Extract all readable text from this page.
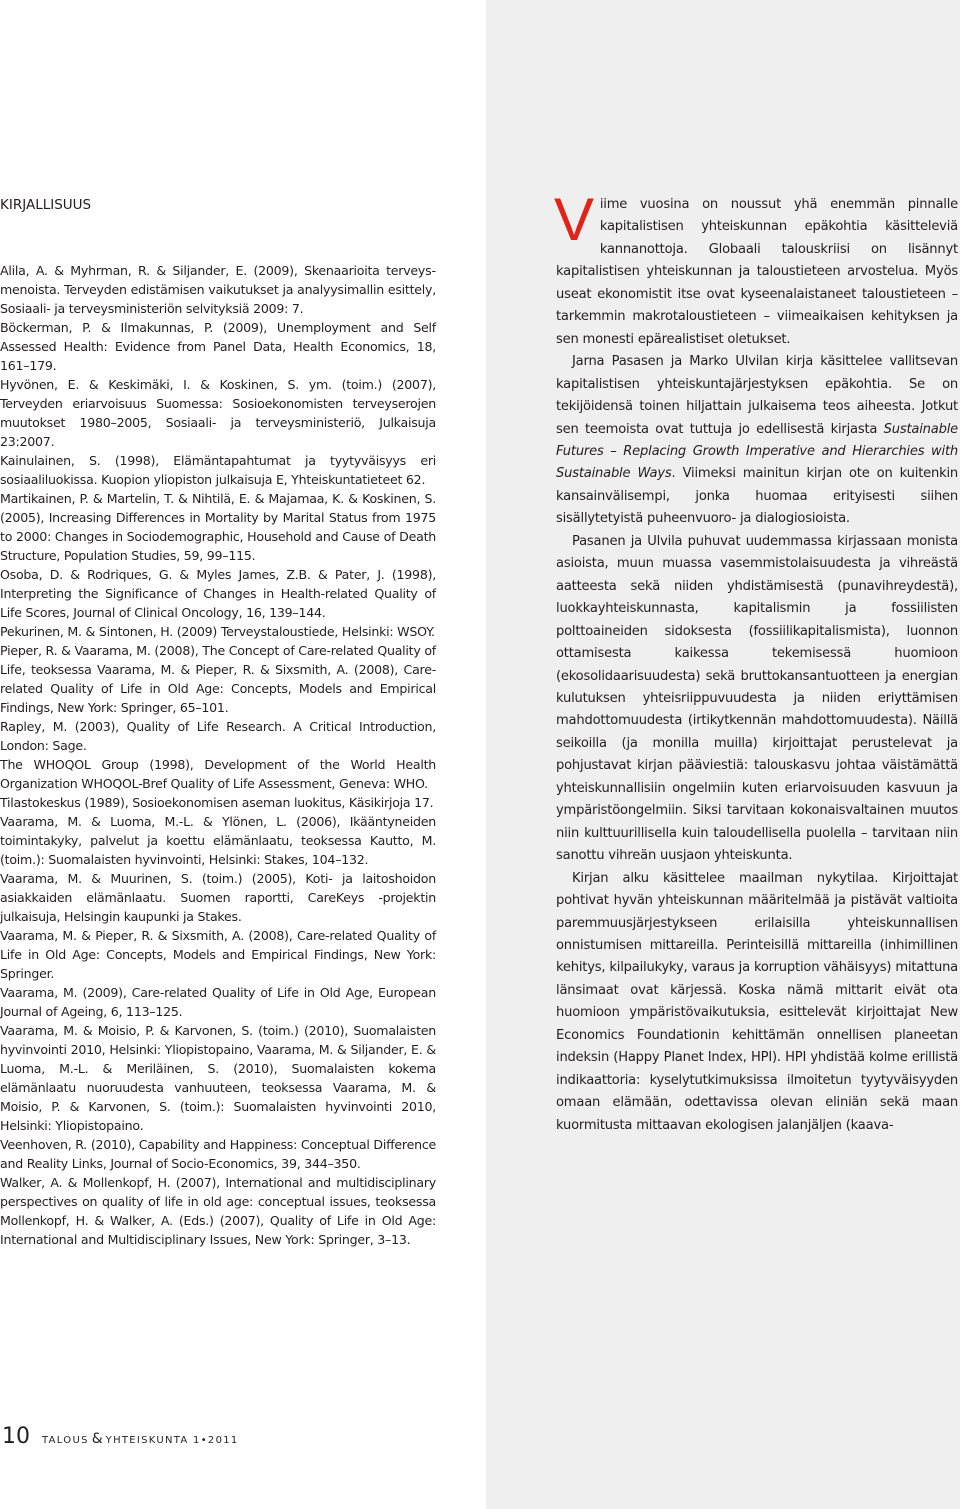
KIRJALLISUUS
Alila, A. & Myhrman, R. & Siljander, E. (2009), Skenaarioita terveysmenoista. Terveyden edistämisen vaikutukset ja analyysimallin esittely, Sosiaali- ja terveysministeriön selvityksiä 2009: 7.
Böckerman, P. & Ilmakunnas, P. (2009), Unemployment and Self Assessed Health: Evidence from Panel Data, Health Economics, 18, 161–179.
Hyvönen, E. & Keskimäki, I. & Koskinen, S. ym. (toim.) (2007), Terveyden eriarvoisuus Suomessa: Sosioekonomisten terveyserojen muutokset 1980–2005, Sosiaali- ja terveysministeriö, Julkaisuja 23:2007.
Kainulainen, S. (1998), Elämäntapahtumat ja tyytyväisyys eri sosiaaliluokissa. Kuopion yliopiston julkaisuja E, Yhteiskuntatieteet 62.
Martikainen, P. & Martelin, T. & Nihtilä, E. & Majamaa, K. & Koskinen, S. (2005), Increasing Differences in Mortality by Marital Status from 1975 to 2000: Changes in Sociodemographic, Household and Cause of Death Structure, Population Studies, 59, 99–115.
Osoba, D. & Rodriques, G. & Myles James, Z.B. & Pater, J. (1998), Interpreting the Significance of Changes in Health-related Quality of Life Scores, Journal of Clinical Oncology, 16, 139–144.
Pekurinen, M. & Sintonen, H. (2009) Terveystaloustiede, Helsinki: WSOY.
Pieper, R. & Vaarama, M. (2008), The Concept of Care-related Quality of Life, teoksessa Vaarama, M. & Pieper, R. & Sixsmith, A. (2008), Care-related Quality of Life in Old Age: Concepts, Models and Empirical Findings, New York: Springer, 65–101.
Rapley, M. (2003), Quality of Life Research. A Critical Introduction, London: Sage.
The WHOQOL Group (1998), Development of the World Health Organization WHOQOL-Bref Quality of Life Assessment, Geneva: WHO.
Tilastokeskus (1989), Sosioekonomisen aseman luokitus, Käsikirjoja 17.
Vaarama, M. & Luoma, M.-L. & Ylönen, L. (2006), Ikääntyneiden toimintakyky, palvelut ja koettu elämänlaatu, teoksessa Kautto, M. (toim.): Suomalaisten hyvinvointi, Helsinki: Stakes, 104–132.
Vaarama, M. & Muurinen, S. (toim.) (2005), Koti- ja laitoshoidon asiakkaiden elämänlaatu. Suomen raportti, CareKeys -projektin julkaisuja, Helsingin kaupunki ja Stakes.
Vaarama, M. & Pieper, R. & Sixsmith, A. (2008), Care-related Quality of Life in Old Age: Concepts, Models and Empirical Findings, New York: Springer.
Vaarama, M. (2009), Care-related Quality of Life in Old Age, European Journal of Ageing, 6, 113–125.
Vaarama, M. & Moisio, P. & Karvonen, S. (toim.) (2010), Suomalaisten hyvinvointi 2010, Helsinki: Yliopistopaino, Vaarama, M. & Siljander, E. & Luoma, M.-L. & Meriläinen, S. (2010), Suomalaisten kokema elämänlaatu nuoruudesta vanhuuteen, teoksessa Vaarama, M. & Moisio, P. & Karvonen, S. (toim.): Suomalaisten hyvinvointi 2010, Helsinki: Yliopistopaino.
Veenhoven, R. (2010), Capability and Happiness: Conceptual Difference and Reality Links, Journal of Socio-Economics, 39, 344–350.
Walker, A. & Mollenkopf, H. (2007), International and multidisciplinary perspectives on quality of life in old age: conceptual issues, teoksessa Mollenkopf, H. & Walker, A. (Eds.) (2007), Quality of Life in Old Age: International and Multidisciplinary Issues, New York: Springer, 3–13.

Viime vuosina on noussut yhä enemmän pinnalle kapitalistisen yhteiskunnan epäkohtia käsitteleviä kannanottoja. Globaali talouskriisi on lisännyt kapitalistisen yhteiskunnan ja taloustieteen arvostelua. Myös useat ekonomistit itse ovat kyseenalaistaneet taloustieteen – tarkemmin makrotaloustieteen – viimeaikaisen kehityksen ja sen monesti epärealistiset oletukset.

Jarna Pasasen ja Marko Ulvilan kirja käsittelee vallitsevan kapitalistisen yhteiskuntajärjestyksen epäkohtia. Se on tekijöidensä toinen hiljattain julkaisema teos aiheesta. Jotkut sen teemoista ovat tuttuja jo edellisestä kirjasta Sustainable Futures – Replacing Growth Imperative and Hierarchies with Sustainable Ways. Viimeksi mainitun kirjan ote on kuitenkin kansainvälisempi, jonka huomaa erityisesti siihen sisällytetyistä puheenvuoro- ja dialogiosioista.

Pasanen ja Ulvila puhuvat uudemmassa kirjassaan monista asioista, muun muassa vasemmistolaisuudesta ja vihreästä aatteesta sekä niiden yhdistämisestä (punavihreydestä), luokkayhteiskunnasta, kapitalismin ja fossiilisten polttoaineiden sidoksesta (fossiilikapitalismista), luonnon ottamisesta kaikessa tekemisessä huomioon (ekosolidaarisuudesta) sekä bruttokansantuotteen ja energian kulutuksen yhteisriippuvuudesta ja niiden eriyttämisen mahdottomuudesta (irtikytkennän mahdottomuudesta). Näillä seikoilla (ja monilla muilla) kirjoittajat perustelevat ja pohjustavat kirjan pääviestiä: talouskasvu johtaa väistämättä yhteiskunnallisiin ongelmiin kuten eriarvoisuuden kasvuun ja ympäristöongelmiin. Siksi tarvitaan kokonaisvaltainen muutos niin kulttuurillisella kuin taloudellisella puolella – tarvitaan niin sanottu vihreän uusjaon yhteiskunta.

Kirjan alku käsittelee maailman nykytilaa. Kirjoittajat pohtivat hyvän yhteiskunnan määritelmää ja pistävät valtioita paremmuusjärjestykseen erilaisilla yhteiskunnallisen onnistumisen mittareilla. Perinteisillä mittareilla (inhimillinen kehitys, kilpailukyky, varaus ja korruption vähäisyys) mitattuna länsimaat ovat kärjessä. Koska nämä mittarit eivät ota huomioon ympäristövaikutuksia, esittelevät kirjoittajat New Economics Foundationin kehittämän onnellisen planeetan indeksin (Happy Planet Index, HPI). HPI yhdistää kolme erillistä indikaattoria: kyselytutkimuksissa ilmoitetun tyytyväisyyden omaan elämään, odettavissa olevan eliniän sekä maan kuormitusta mittaavan ekologisen jalanjäljen (kaava-

10 TALOUS & YHTEISKUNTA 1•2011
